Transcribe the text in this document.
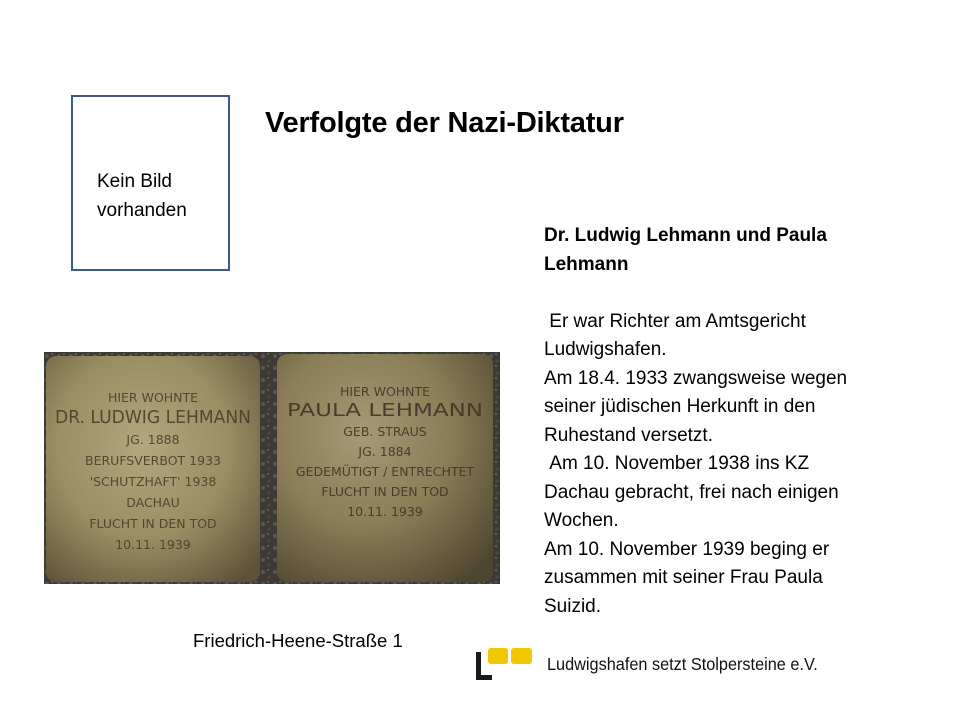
Verfolgte der Nazi-Diktatur
Kein Bild
vorhanden
HIER WOHNTE
DR. LUDWIG LEHMANN
JG. 1888
BERUFSVERBOT 1933
'SCHUTZHAFT' 1938
DACHAU
FLUCHT IN DEN TOD
10.11. 1939
HIER WOHNTE
PAULA LEHMANN
GEB. STRAUS
JG. 1884
GEDEMÜTIGT / ENTRECHTET
FLUCHT IN DEN TOD
10.11. 1939
Friedrich-Heene-Straße 1
Dr. Ludwig Lehmann und Paula
Lehmann

Er war Richter am Amtsgericht

Ludwigshafen.

Am 18.4. 1933 zwangsweise wegen

seiner jüdischen Herkunft in den

Ruhestand versetzt.

Am 10. November 1938 ins KZ

Dachau gebracht, frei nach einigen

Wochen.

Am 10. November 1939 beging er

zusammen mit seiner Frau Paula

Suizid.

Ludwigshafen setzt Stolpersteine e.V.
